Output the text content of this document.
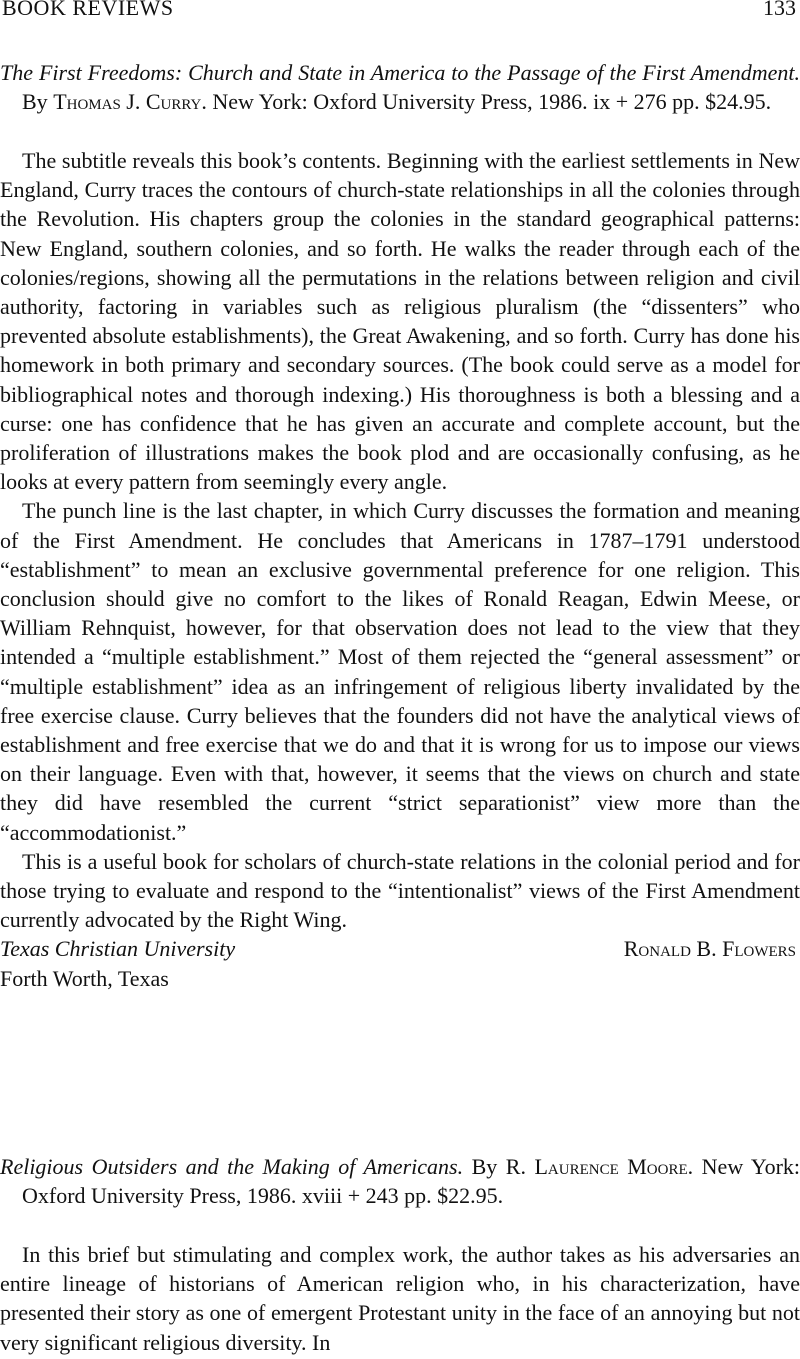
BOOK REVIEWS	133

The First Freedoms: Church and State in America to the Passage of the First Amendment. By Thomas J. Curry. New York: Oxford University Press, 1986. ix + 276 pp. $24.95.

The subtitle reveals this book’s contents. Beginning with the earliest settlements in New England, Curry traces the contours of church-state relationships in all the colonies through the Revolution. His chapters group the colonies in the standard geographical patterns: New England, southern colonies, and so forth. He walks the reader through each of the colonies/regions, showing all the permutations in the relations between religion and civil authority, factoring in variables such as religious pluralism (the “dissenters” who prevented absolute establishments), the Great Awakening, and so forth. Curry has done his homework in both primary and secondary sources. (The book could serve as a model for bibliographical notes and thorough indexing.) His thoroughness is both a blessing and a curse: one has confidence that he has given an accurate and complete account, but the proliferation of illustrations makes the book plod and are occasionally confusing, as he looks at every pattern from seemingly every angle.

The punch line is the last chapter, in which Curry discusses the formation and meaning of the First Amendment. He concludes that Americans in 1787–1791 understood “establishment” to mean an exclusive governmental preference for one religion. This conclusion should give no comfort to the likes of Ronald Reagan, Edwin Meese, or William Rehnquist, however, for that observation does not lead to the view that they intended a “multiple establishment.” Most of them rejected the “general assessment” or “multiple establishment” idea as an infringement of religious liberty invalidated by the free exercise clause. Curry believes that the founders did not have the analytical views of establishment and free exercise that we do and that it is wrong for us to impose our views on their language. Even with that, however, it seems that the views on church and state they did have resembled the current “strict separationist” view more than the “accommodationist.”

This is a useful book for scholars of church-state relations in the colonial period and for those trying to evaluate and respond to the “intentionalist” views of the First Amendment currently advocated by the Right Wing.

Texas Christian University	Ronald B. Flowers

Forth Worth, Texas

Religious Outsiders and the Making of Americans. By R. Laurence Moore. New York: Oxford University Press, 1986. xviii + 243 pp. $22.95.

In this brief but stimulating and complex work, the author takes as his adversaries an entire lineage of historians of American religion who, in his characterization, have presented their story as one of emergent Protestant unity in the face of an annoying but not very significant religious diversity. In
